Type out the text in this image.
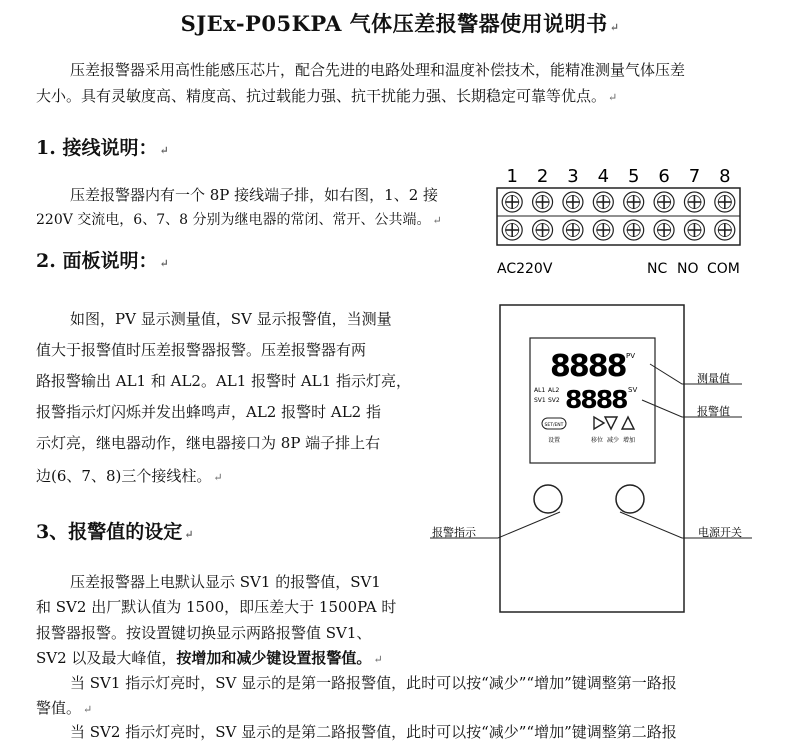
SJEx-P05KPA 气体压差报警器使用说明书 ↵
压差报警器采用高性能感压芯片，配合先进的电路处理和温度补偿技术，能精准测量气体压差
大小。具有灵敏度高、精度高、抗过载能力强、抗干扰能力强、长期稳定可靠等优点。 ↵
1. 接线说明： ↵
压差报警器内有一个 8P 接线端子排，如右图，1、2 接
220V 交流电，6、7、8 分别为继电器的常闭、常开、公共端。 ↵
2. 面板说明： ↵
如图，PV 显示测量值，SV 显示报警值，当测量
值大于报警值时压差报警器报警。压差报警器有两
路报警输出 AL1 和 AL2。AL1 报警时 AL1 指示灯亮，
报警指示灯闪烁并发出蜂鸣声，AL2 报警时 AL2 指
示灯亮，继电器动作，继电器接口为 8P 端子排上右
边(6、7、8)三个接线柱。 ↵
3、报警值的设定 ↵
压差报警器上电默认显示 SV1 的报警值，SV1
和 SV2 出厂默认值为 1500，即压差大于 1500PA 时
报警器报警。按设置键切换显示两路报警值 SV1、
SV2 以及最大峰值，按增加和减少键设置报警值。 ↵
当 SV1 指示灯亮时，SV 显示的是第一路报警值，此时可以按“减少”“增加”键调整第一路报
警值。 ↵
当 SV2 指示灯亮时，SV 显示的是第二路报警值，此时可以按“减少”“增加”键调整第二路报
1 2 3 4 5 6 7 8
AC220V	NC NO COM
8888 PV
8888 SV
AL1 AL2
SV1 SV2
SET/ENT
设置	移位 减少 增加
测量值
报警值
报警指示	电源开关
